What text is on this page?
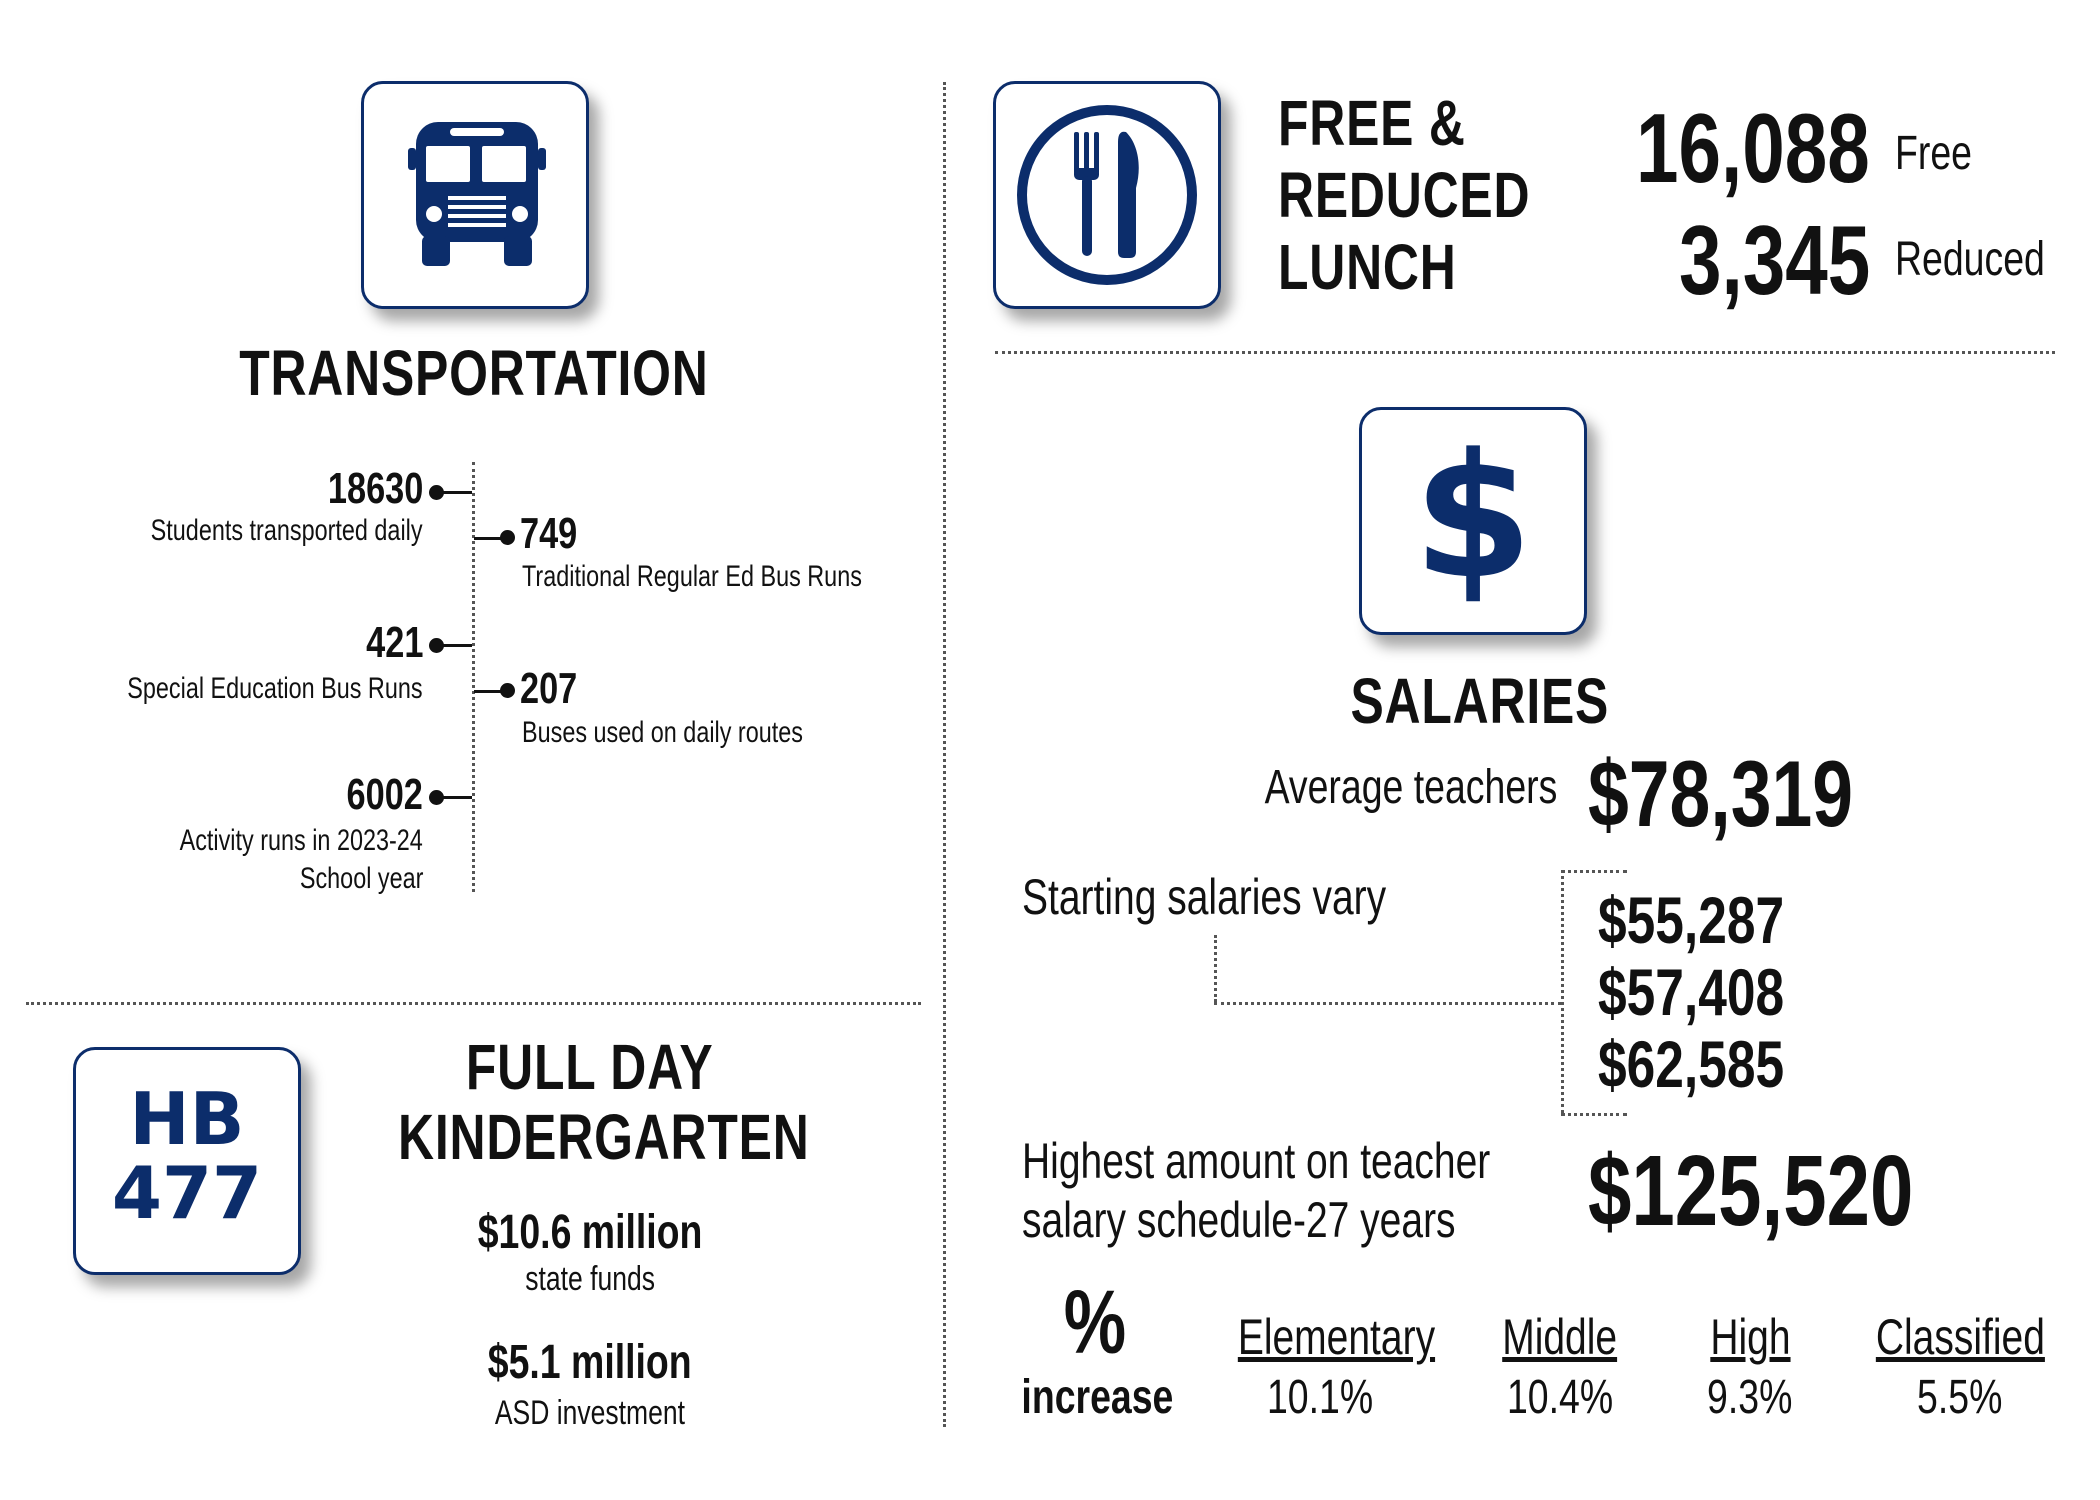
TRANSPORTATION
18630
Students transported daily 749
Traditional Regular Ed Bus Runs
421
Special Education Bus Runs 207
Buses used on daily routes
6002
Activity runs in 2023-24
School year
HB
477
FULL DAY
KINDERGARTEN
$10.6 million
state funds
$5.1 million
ASD investment
FREE &
REDUCED
LUNCH
16,088 Free
3,345 Reduced
$
SALARIES
Average teachers $78,319
Starting salaries vary	$55,287
$57,408
$62,585
Highest amount on teacher
salary schedule-27 years	$125,520
%
increase
Elementary
10.1%
Middle
10.4%
High
9.3%
Classified
5.5%
